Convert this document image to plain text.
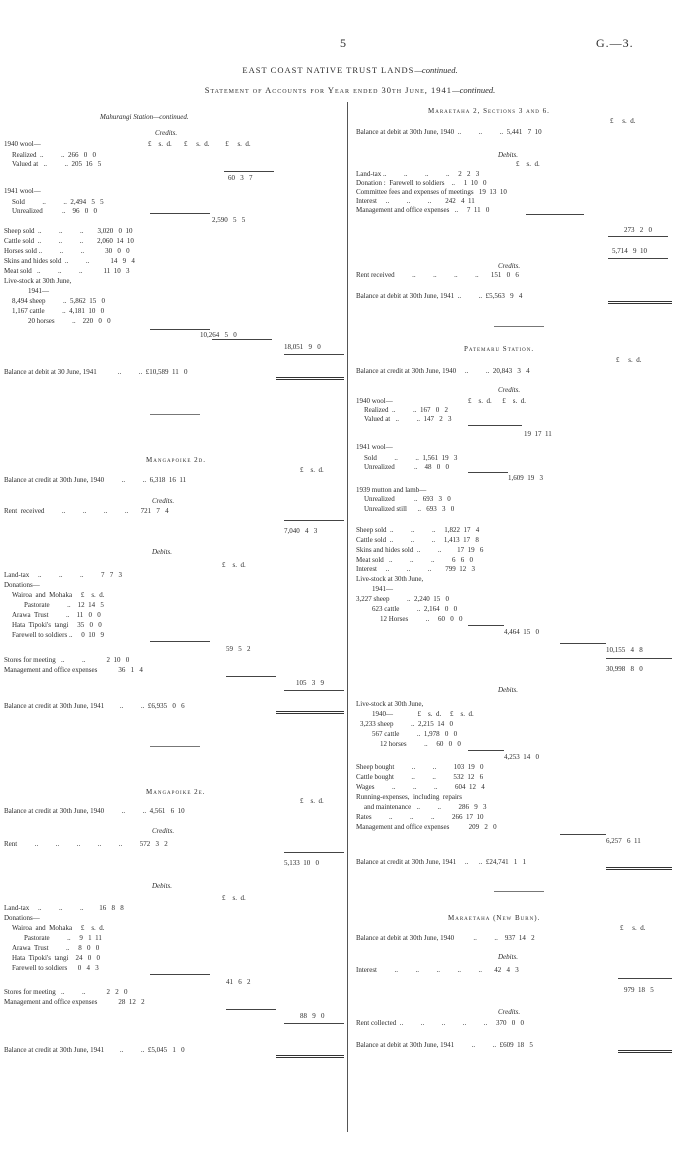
5	G.—3.
EAST COAST NATIVE TRUST LANDS—continued.
Statement of Accounts for Year ended 30th June, 1941—continued.
Mahurangi Station—continued.
Credits.
1940 wool—	£    s.  d.       £     s.  d.         £     s.  d.
Realized  ..          ..  266   0   0
Valued at   ..          ..  205  16   5
60   3   7
1941 wool—
Sold          ..          ..  2,494   5   5
Unrealized           ..    96   0   0
2,590   5   5
Sheep sold  ..          ..          ..        3,020   0  10
Cattle sold  ..          ..          ..        2,060  14  10
Horses sold ..          ..          ..            30   0   0
Skins and hides sold  ..          ..            14   9   4
Meat sold   ..          ..          ..            11  10   3
Live-stock at 30th June,
1941—
8,494 sheep          ..  5,862  15   0
1,167 cattle          ..  4,181  10   0
20 horses          ..    220   0   0
10,264   5   0
18,051   9   0
Balance at debit at 30 June, 1941            ..          ..  £10,589  11   0
Mangapoike 2d.
£    s.  d.
Balance at credit at 30th June, 1940          ..          ..  6,318  16  11
Credits.
Rent  received          ..          ..          ..          ..       721   7   4
7,040   4   3
Debits.
£    s.  d.
Land-tax     ..          ..          ..          7   7   3
Donations—
Wairoa  and  Mohaka     £    s.  d.
Pastorate          ..    12  14   5
Arawa  Trust          ..    11   0   0
Hata  Tipoki's  tangi     35   0   0
Farewell to soldiers ..     0  10   9
59   5   2
Stores for meeting   ..          ..            2  10   0
Management and office expenses            36   1   4
105   3   9
Balance at credit at 30th June, 1941         ..          ..  £6,935   0   6
Mangapoike 2e.
£    s.  d.
Balance at credit at 30th June, 1940          ..          ..  4,561   6  10
Credits.
Rent          ..          ..          ..          ..          ..          572   3   2
5,133  10   0
Debits.
£    s.  d.
Land-tax     ..          ..          ..         16   8   8
Donations—
Wairoa  and  Mohaka     £    s.  d.
Pastorate          ..     9   1  11
Arawa  Trust          ..     8   0   0
Hata  Tipoki's  tangi    24   0   0
Farewell to soldiers      0   4   3
41   6   2
Stores for meeting   ..          ..            2   2   0
Management and office expenses            28  12   2
88   9   0
Balance at credit at 30th June, 1941         ..          ..  £5,045   1   0
Maraetaha 2, Sections 3 and 6.
£     s.  d.
Balance at debit at 30th June, 1940  ..          ..          ..  5,441   7  10
Debits.
£    s.  d.
Land-tax ..          ..          ..          ..     2   2   3
Donation :  Farewell to soldiers    ..     1  10   0
Committee fees and expenses of meetings   19  13  10
Interest     ..          ..          ..        242   4  11
Management and office expenses   ..     7  11   0
273   2   0
5,714   9  10
Credits.
Rent received          ..          ..          ..          ..       151   0   6
Balance at debit at 30th June, 1941  ..          ..  £5,563   9   4
Patemaru Station.
£     s.  d.
Balance at credit at 30th June, 1940     ..          ..  20,843   3   4
Credits.
1940 wool—	£    s.  d.      £    s.  d.
Realized  ..          ..  167   0   2
Valued at   ..          ..  147   2   3
19  17  11
1941 wool—
Sold          ..          ..  1,561  19   3
Unrealized           ..    48   0   0
1,609  19   3
1939 mutton and lamb—
Unrealized           ..   693   3   0
Unrealized still      ..   693   3   0
Sheep sold  ..          ..          ..     1,822  17   4
Cattle sold  ..          ..          ..     1,413  17   8
Skins and hides sold  ..          ..         17  19   6
Meat sold   ..          ..          ..          6   6   0
Interest     ..          ..          ..        799  12   3
Live-stock at 30th June,
1941—
3,227 sheep          ..  2,240  15   0
623 cattle          ..  2,164   0   0
12 Horses          ..     60   0   0
4,464  15   0
10,155   4   8
30,998   8   0
Debits.
Live-stock at 30th June,
1940—              £    s.  d.     £    s.  d.
3,233 sheep          ..  2,215  14   0
567 cattle          ..  1,978   0   0
12 horses          ..     60   0   0
4,253  14   0
Sheep bought          ..          ..          103  19   0
Cattle bought          ..          ..          532  12   6
Wages          ..          ..          ..          604  12   4
Running-expenses,  including  repairs
and maintenance   ..          ..          286   9   3
Rates          ..          ..          ..          266  17  10
Management and office expenses           209   2   0
6,257   6  11
Balance at credit at 30th June, 1941     ..      ..  £24,741   1   1
Maraetaha (New Burn).
£     s.  d.
Balance at debit at 30th June, 1940           ..          ..    937  14   2
Debits.
Interest          ..          ..          ..          ..          ..       42   4   3
979  18   5
Credits.
Rent collected  ..          ..          ..          ..          ..     370   0   0
Balance at debit at 30th June, 1941          ..          ..  £609  18   5
